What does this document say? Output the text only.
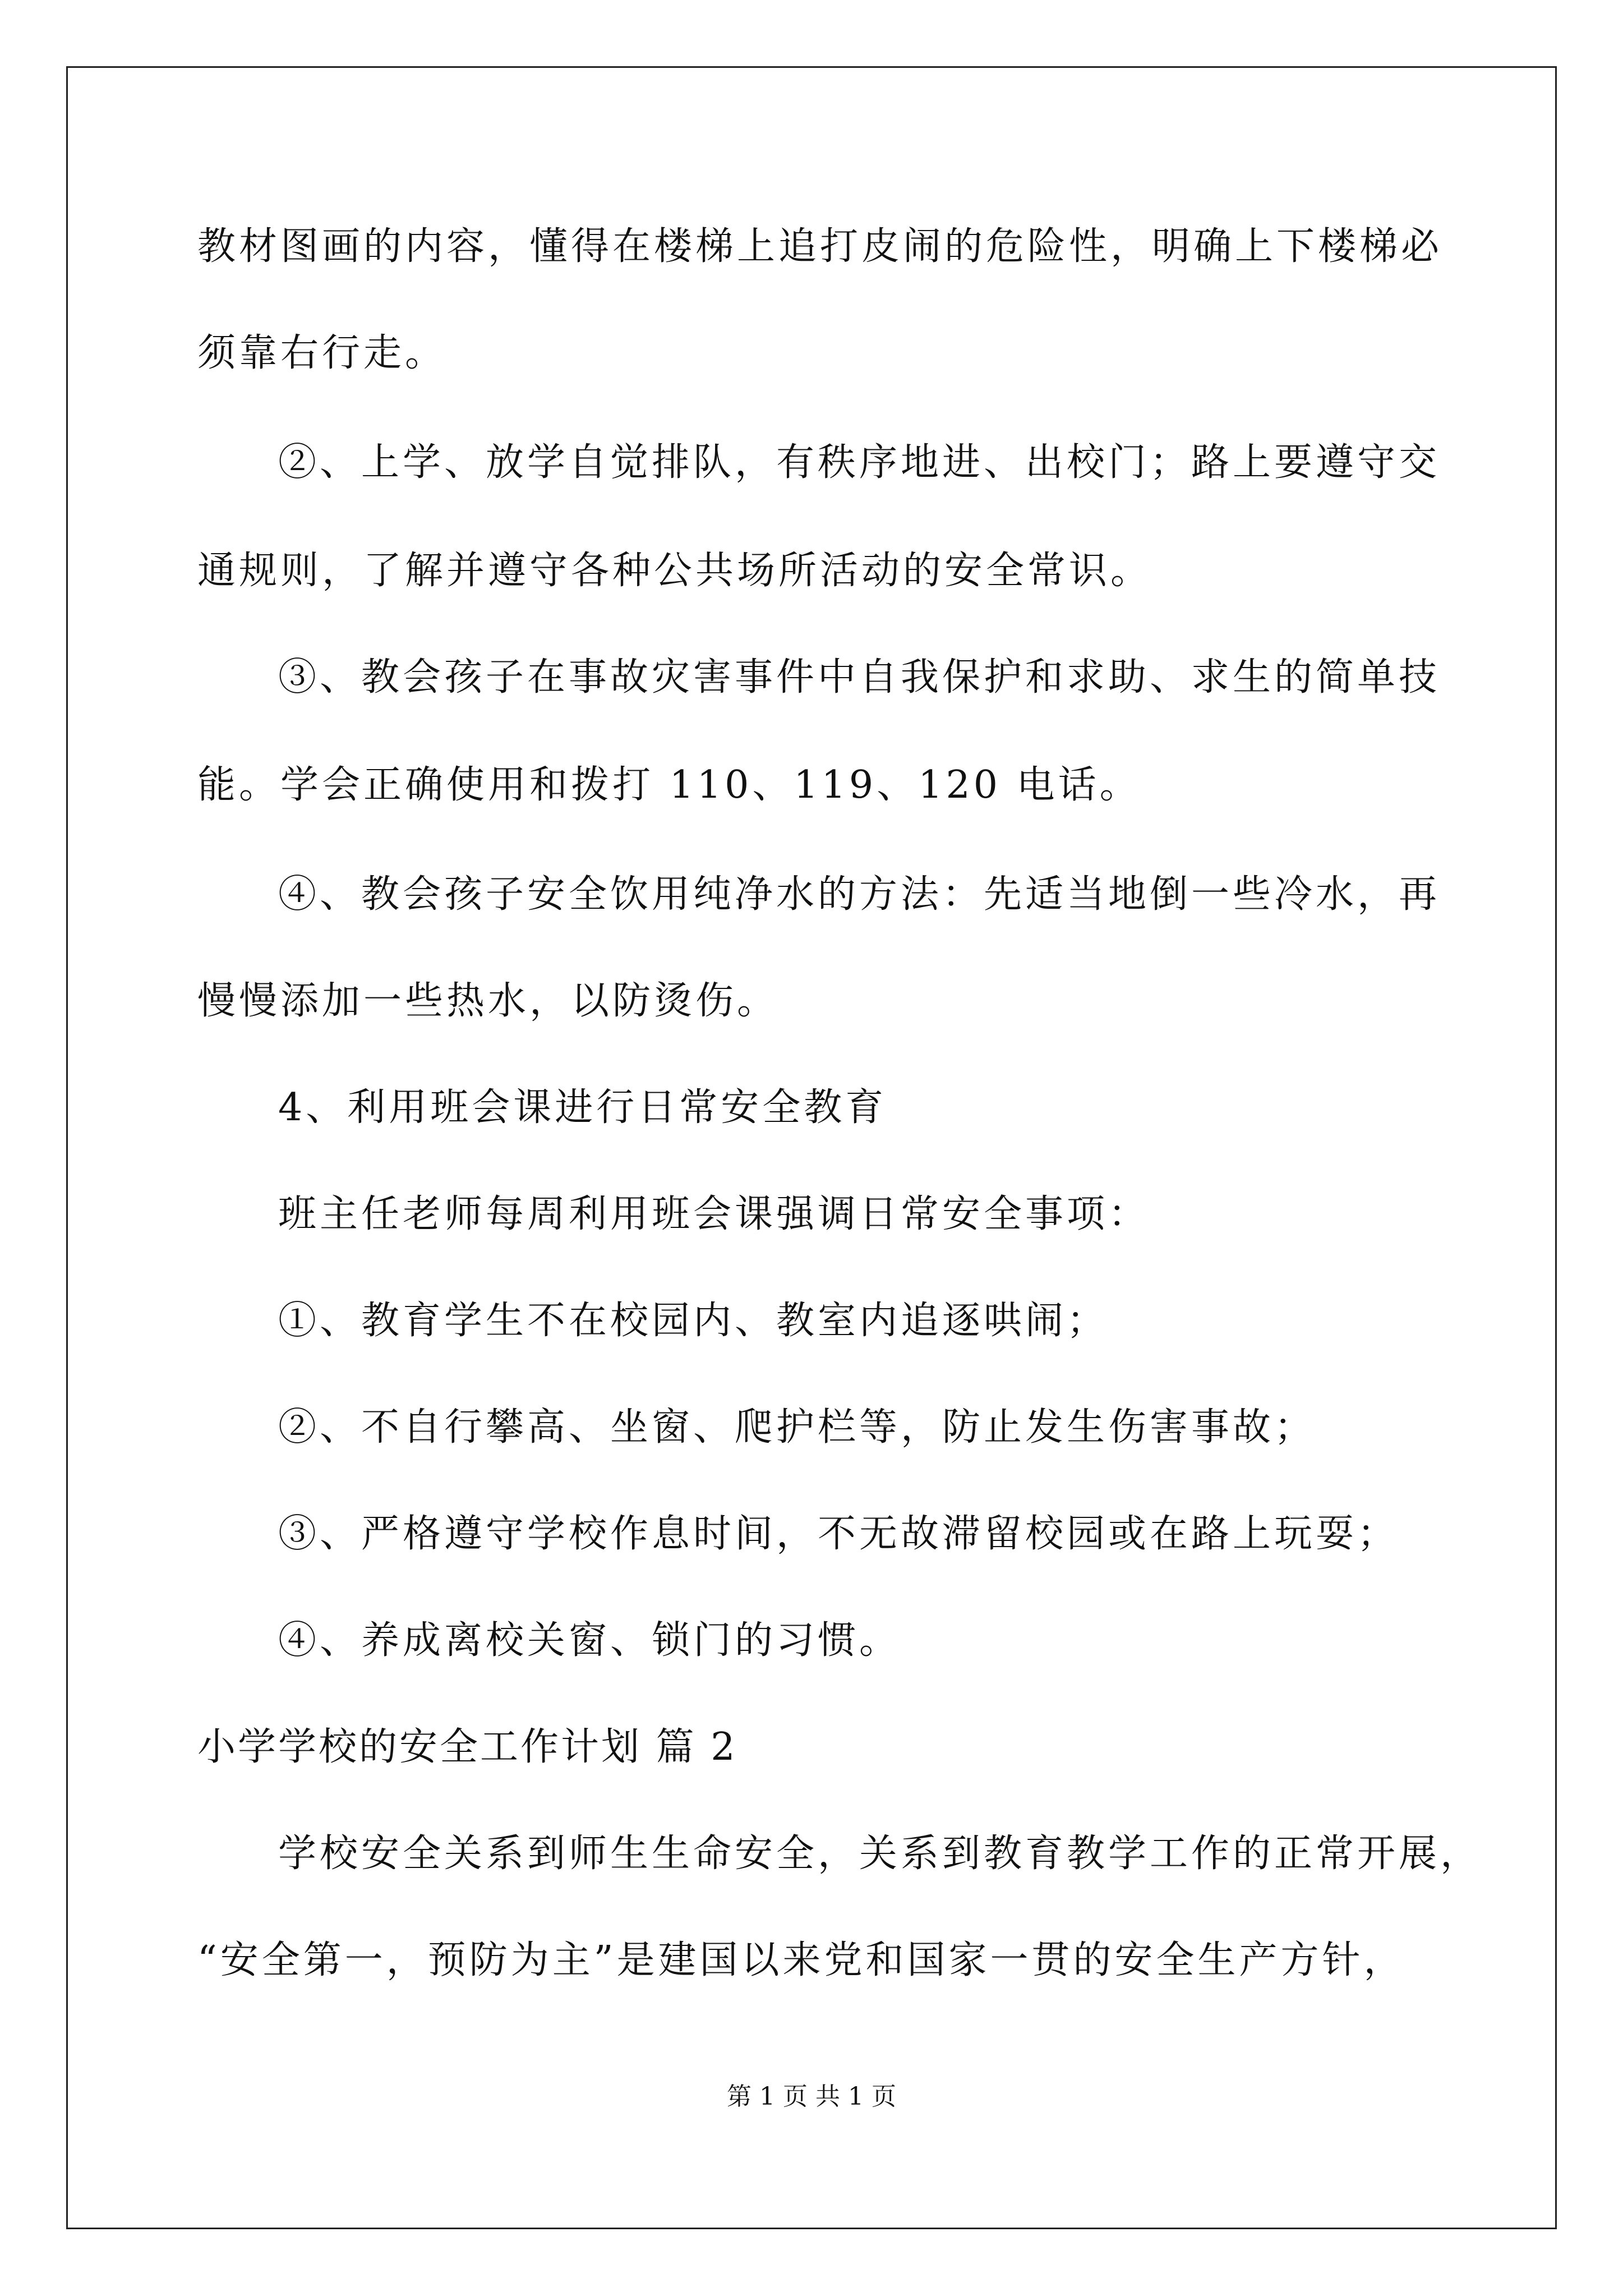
教材图画的内容，懂得在楼梯上追打皮闹的危险性，明确上下楼梯必
须靠右行走。
②、上学、放学自觉排队，有秩序地进、出校门；路上要遵守交
通规则，了解并遵守各种公共场所活动的安全常识。
③、教会孩子在事故灾害事件中自我保护和求助、求生的简单技
能。学会正确使用和拨打 110、119、120 电话。
④、教会孩子安全饮用纯净水的方法：先适当地倒一些冷水，再
慢慢添加一些热水，以防烫伤。
4、利用班会课进行日常安全教育
班主任老师每周利用班会课强调日常安全事项：
①、教育学生不在校园内、教室内追逐哄闹；
②、不自行攀高、坐窗、爬护栏等，防止发生伤害事故；
③、严格遵守学校作息时间，不无故滞留校园或在路上玩耍；
④、养成离校关窗、锁门的习惯。
小学学校的安全工作计划 篇 2
学校安全关系到师生生命安全，关系到教育教学工作的正常开展，
“安全第一，预防为主”是建国以来党和国家一贯的安全生产方针，
第 1 页 共 1 页
